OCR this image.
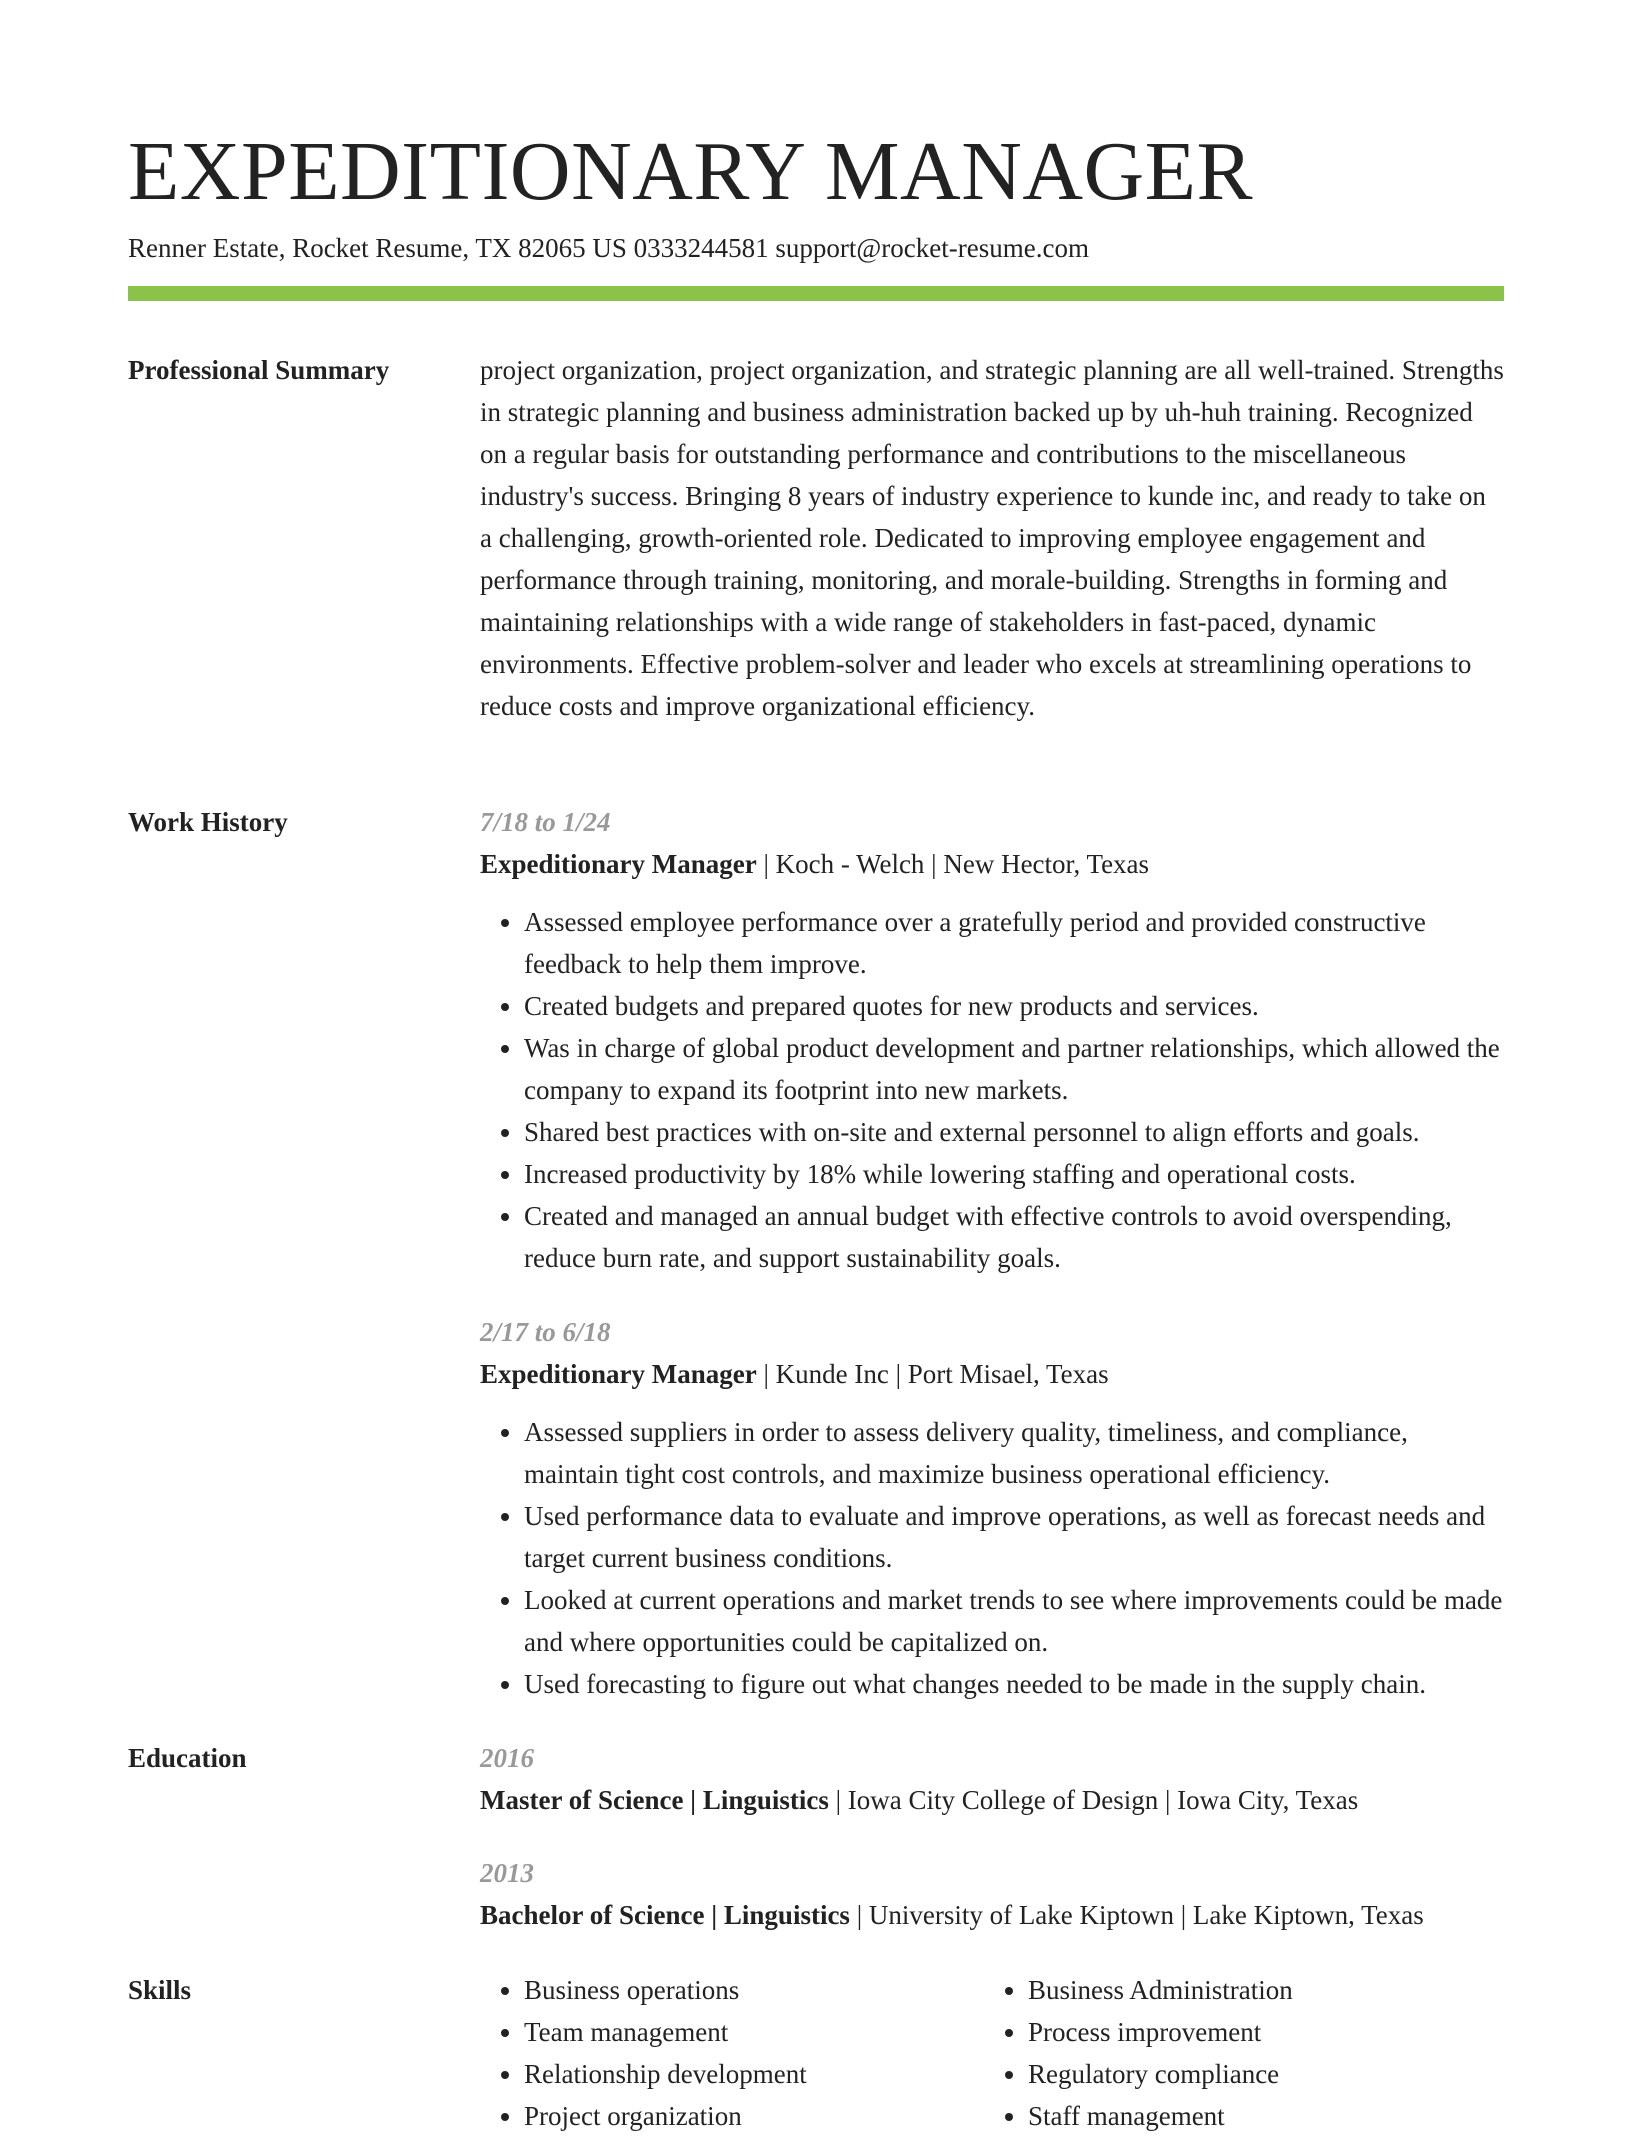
EXPEDITIONARY MANAGER
Renner Estate, Rocket Resume, TX 82065 US 0333244581 support@rocket-resume.com
Professional Summary	project organization, project organization, and strategic planning are all well-trained. Strengths in strategic planning and business administration backed up by uh-huh training. Recognized on a regular basis for outstanding performance and contributions to the miscellaneous industry's success. Bringing 8 years of industry experience to kunde inc, and ready to take on a challenging, growth-oriented role. Dedicated to improving employee engagement and performance through training, monitoring, and morale-building. Strengths in forming and maintaining relationships with a wide range of stakeholders in fast-paced, dynamic environments. Effective problem-solver and leader who excels at streamlining operations to reduce costs and improve organizational efficiency.

Work History	7/18 to 1/24

Expeditionary Manager | Koch - Welch | New Hector, Texas

• Assessed employee performance over a gratefully period and provided constructive feedback to help them improve.
• Created budgets and prepared quotes for new products and services.
• Was in charge of global product development and partner relationships, which allowed the company to expand its footprint into new markets.
• Shared best practices with on-site and external personnel to align efforts and goals.
• Increased productivity by 18% while lowering staffing and operational costs.
• Created and managed an annual budget with effective controls to avoid overspending, reduce burn rate, and support sustainability goals.

2/17 to 6/18

Expeditionary Manager | Kunde Inc | Port Misael, Texas

• Assessed suppliers in order to assess delivery quality, timeliness, and compliance, maintain tight cost controls, and maximize business operational efficiency.
• Used performance data to evaluate and improve operations, as well as forecast needs and target current business conditions.
• Looked at current operations and market trends to see where improvements could be made and where opportunities could be capitalized on.
• Used forecasting to figure out what changes needed to be made in the supply chain.
Education	2016

Master of Science | Linguistics | Iowa City College of Design | Iowa City, Texas

2013

Bachelor of Science | Linguistics | University of Lake Kiptown | Lake Kiptown, Texas

Skills
•	Business operations
• Team management
• Relationship development
• Project organization
• Business Administration
• Process improvement
• Regulatory compliance
• Staff management
